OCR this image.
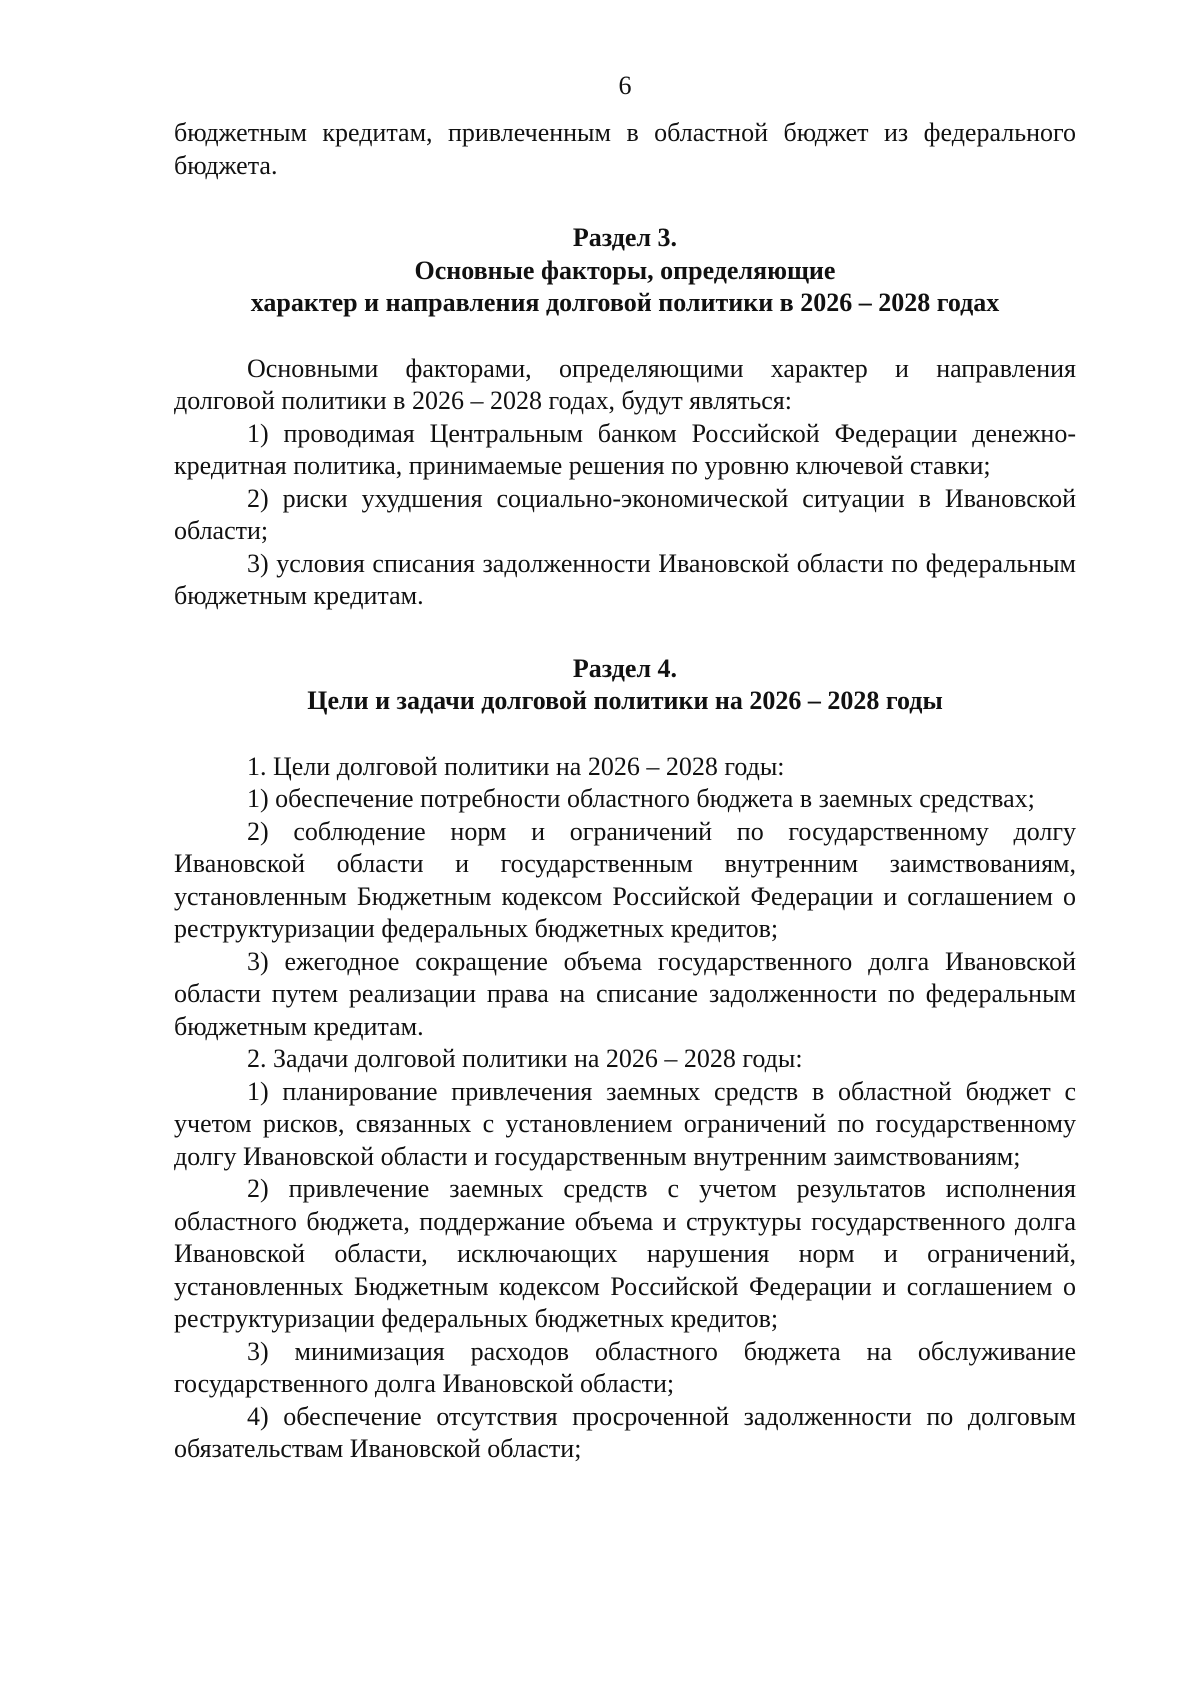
6

бюджетным кредитам, привлеченным в областной бюджет из федерального бюджета.

Раздел 3.
Основные факторы, определяющие
характер и направления долговой политики в 2026 – 2028 годах

Основными факторами, определяющими характер и направления долговой политики в 2026 – 2028 годах, будут являться:

1) проводимая Центральным банком Российской Федерации денежно-кредитная политика, принимаемые решения по уровню ключевой ставки;

2) риски ухудшения социально-экономической ситуации в Ивановской области;

3) условия списания задолженности Ивановской области по федеральным бюджетным кредитам.

Раздел 4.
Цели и задачи долговой политики на 2026 – 2028 годы

1. Цели долговой политики на 2026 – 2028 годы:

1) обеспечение потребности областного бюджета в заемных средствах;

2) соблюдение норм и ограничений по государственному долгу Ивановской области и государственным внутренним заимствованиям, установленным Бюджетным кодексом Российской Федерации и соглашением о реструктуризации федеральных бюджетных кредитов;

3) ежегодное сокращение объема государственного долга Ивановской области путем реализации права на списание задолженности по федеральным бюджетным кредитам.

2. Задачи долговой политики на 2026 – 2028 годы:

1) планирование привлечения заемных средств в областной бюджет с учетом рисков, связанных с установлением ограничений по государственному долгу Ивановской области и государственным внутренним заимствованиям;

2) привлечение заемных средств с учетом результатов исполнения областного бюджета, поддержание объема и структуры государственного долга Ивановской области, исключающих нарушения норм и ограничений, установленных Бюджетным кодексом Российской Федерации и соглашением о реструктуризации федеральных бюджетных кредитов;

3) минимизация расходов областного бюджета на обслуживание государственного долга Ивановской области;

4) обеспечение отсутствия просроченной задолженности по долговым обязательствам Ивановской области;
